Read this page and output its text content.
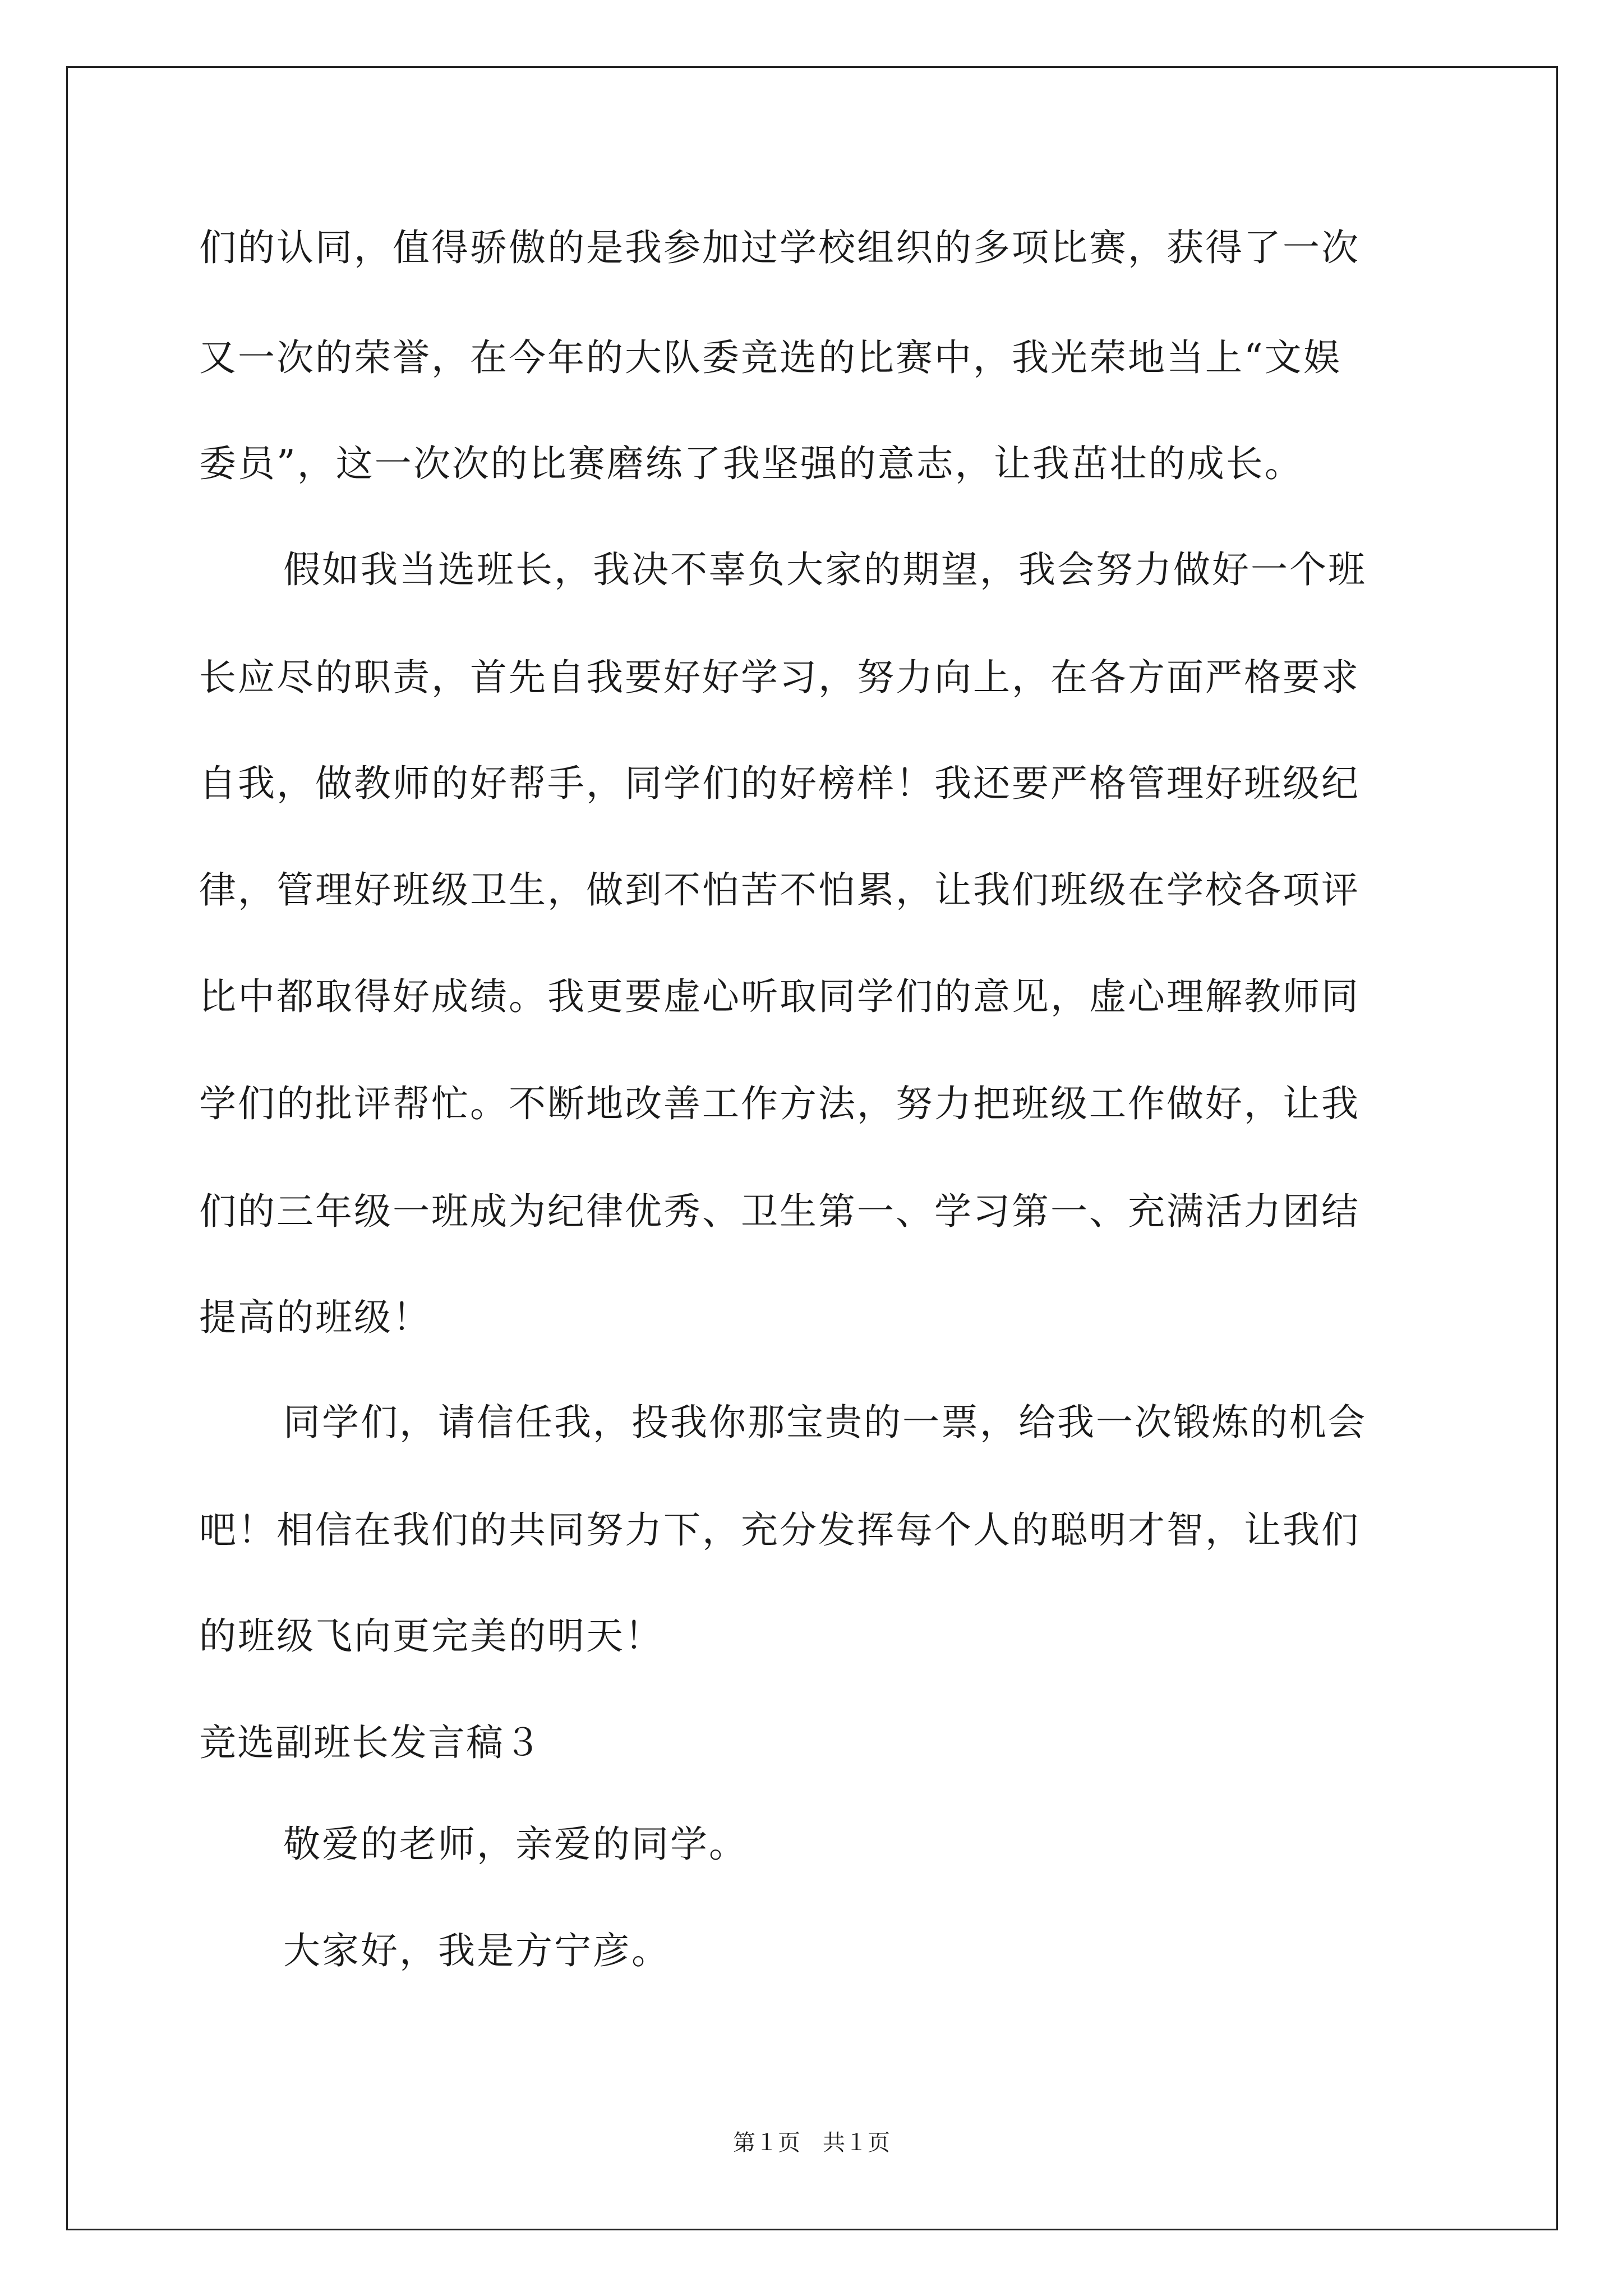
们的认同，值得骄傲的是我参加过学校组织的多项比赛，获得了一次
又一次的荣誉，在今年的大队委竞选的比赛中，我光荣地当上“文娱
委员”，这一次次的比赛磨练了我坚强的意志，让我茁壮的成长。
假如我当选班长，我决不辜负大家的期望，我会努力做好一个班
长应尽的职责，首先自我要好好学习，努力向上，在各方面严格要求
自我，做教师的好帮手，同学们的好榜样！我还要严格管理好班级纪
律，管理好班级卫生，做到不怕苦不怕累，让我们班级在学校各项评
比中都取得好成绩。我更要虚心听取同学们的意见，虚心理解教师同
学们的批评帮忙。不断地改善工作方法，努力把班级工作做好，让我
们的三年级一班成为纪律优秀、卫生第一、学习第一、充满活力团结
提高的班级！
同学们，请信任我，投我你那宝贵的一票，给我一次锻炼的机会
吧！相信在我们的共同努力下，充分发挥每个人的聪明才智，让我们
的班级飞向更完美的明天！
竞选副班长发言稿３
敬爱的老师，亲爱的同学。
大家好，我是方宁彦。
第１页　共１页
